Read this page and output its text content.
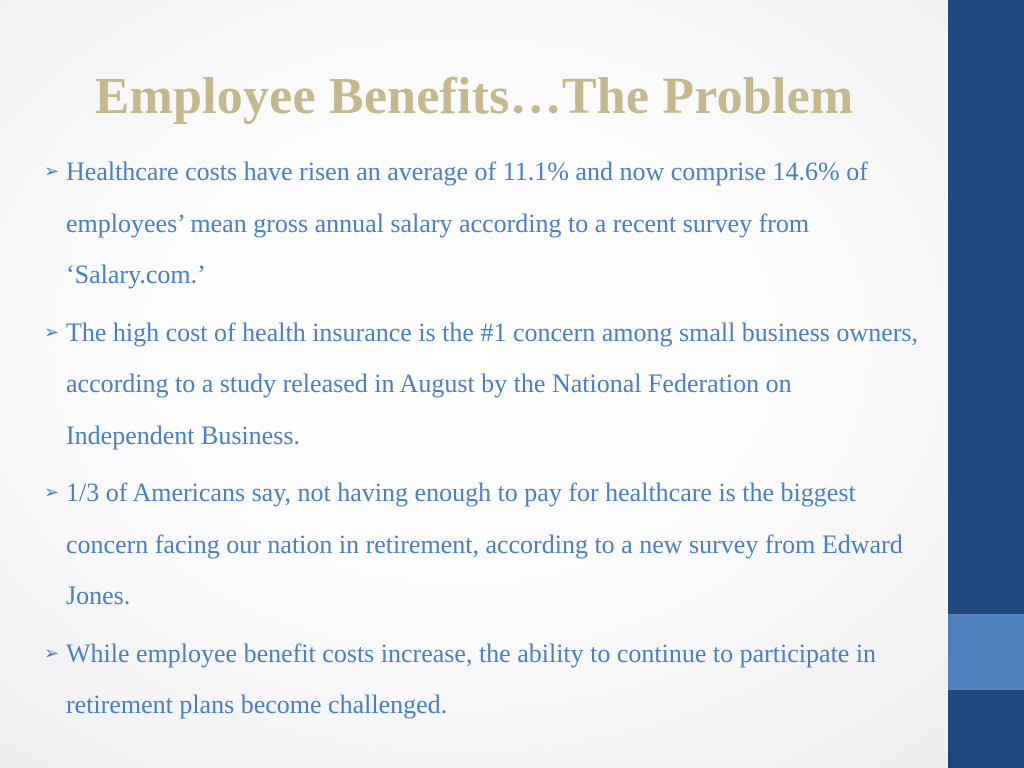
Employee Benefits…The Problem
➢ Healthcare costs have risen an average of 11.1% and now comprise 14.6% of employees’ mean gross annual salary according to a recent survey from ‘Salary.com.’
➢ The high cost of health insurance is the #1 concern among small business owners, according to a study released in August by the National Federation on Independent Business.
➢ 1/3 of Americans say, not having enough to pay for healthcare is the biggest concern facing our nation in retirement, according to a new survey from Edward Jones.
➢ While employee benefit costs increase, the ability to continue to participate in retirement plans become challenged.
